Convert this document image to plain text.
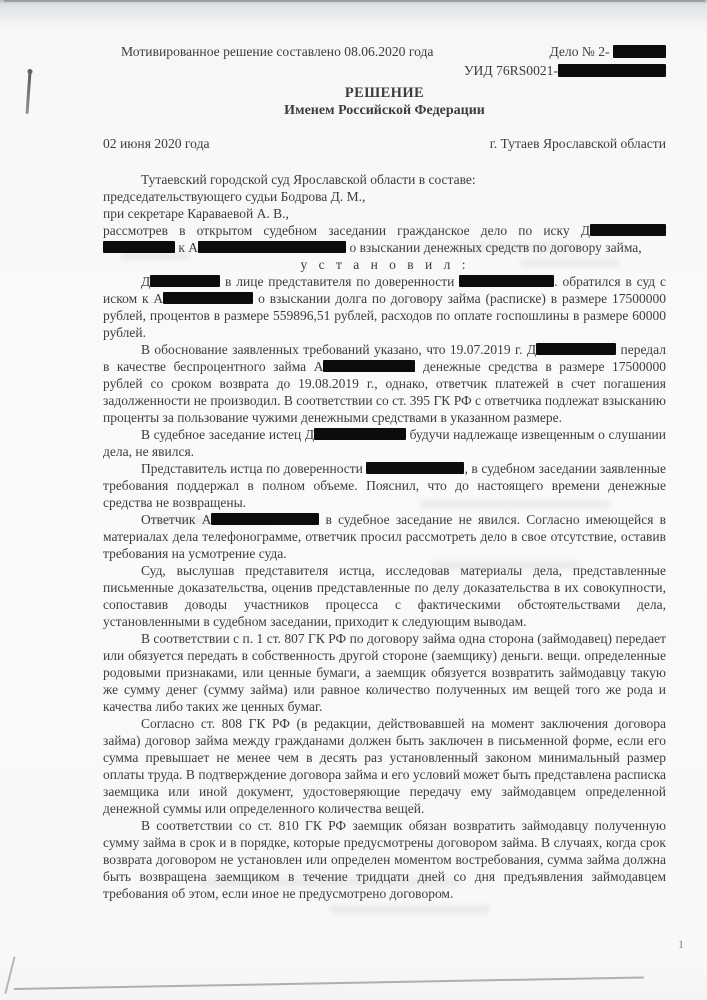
Мотивированное решение составлено 08.06.2020 года	Дело № 2-
УИД 76RS0021-
РЕШЕНИЕ
Именем Российской Федерации
02 июня 2020 года	г. Тутаев Ярославской области

Тутаевский городской суд Ярославской области в составе:

председательствующего судьи Бодрова Д. М.,

при секретаре Караваевой А. В.,

рассмотрев в открытом судебном заседании гражданское дело по иску Д  к А	о взыскании денежных средств по договору займа,

у с т а н о в и л :

Д	в лице представителя по доверенности	. обратился в суд с иском к А	о взыскании долга по договору займа (расписке) в размере 17500000 рублей, процентов в размере 559896,51 рублей, расходов по оплате госпошлины в размере 60000 рублей.

В обоснование заявленных требований указано, что 19.07.2019 г. Д	передал в качестве беспроцентного займа А	денежные средства в размере 17500000 рублей со сроком возврата до 19.08.2019 г., однако, ответчик платежей в счет погашения задолженности не производил. В соответствии со ст. 395 ГК РФ с ответчика подлежат взысканию проценты за пользование чужими денежными средствами в указанном размере.

В судебное заседание истец Д	будучи надлежаще извещенным о слушании дела, не явился.

Представитель истца по доверенности	, в судебном заседании заявленные требования поддержал в полном объеме. Пояснил, что до настоящего времени денежные средства не возвращены.

Ответчик А	в судебное заседание не явился. Согласно имеющейся в материалах дела телефонограмме, ответчик просил рассмотреть дело в свое отсутствие, оставив требования на усмотрение суда.

Суд, выслушав представителя истца, исследовав материалы дела, представленные письменные доказательства, оценив представленные по делу доказательства в их совокупности, сопоставив доводы участников процесса с фактическими обстоятельствами дела, установленными в судебном заседании, приходит к следующим выводам.

В соответствии с п. 1 ст. 807 ГК РФ по договору займа одна сторона (займодавец) передает или обязуется передать в собственность другой стороне (заемщику) деньги. вещи. определенные родовыми признаками, или ценные бумаги, а заемщик обязуется возвратить займодавцу такую же сумму денег (сумму займа) или равное количество полученных им вещей того же рода и качества либо таких же ценных бумаг.

Согласно ст. 808 ГК РФ (в редакции, действовавшей на момент заключения договора займа) договор займа между гражданами должен быть заключен в письменной форме, если его сумма превышает не менее чем в десять раз установленный законом минимальный размер оплаты труда. В подтверждение договора займа и его условий может быть представлена расписка заемщика или иной документ, удостоверяющие передачу ему займодавцем определенной денежной суммы или определенного количества вещей.

В соответствии со ст. 810 ГК РФ заемщик обязан возвратить займодавцу полученную сумму займа в срок и в порядке, которые предусмотрены договором займа. В случаях, когда срок возврата договором не установлен или определен моментом востребования, сумма займа должна быть возвращена заемщиком в течение тридцати дней со дня предъявления займодавцем требования об этом, если иное не предусмотрено договором.

1
